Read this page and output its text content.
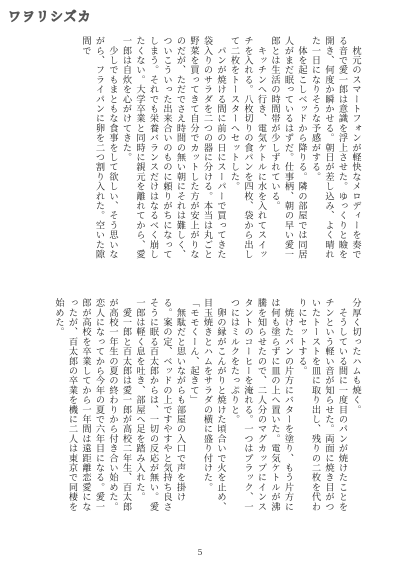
ワヲリシズカ

　枕元のスマートフォンが軽快なメロディーを奏でる音で愛一郎は意識を浮上させた。ゆっくりと瞼を開き、何度か瞬かせる。朝日が差し込み、よく晴れた一日になりそうな予感がする。

　体を起こしベッドから降りる。隣の部屋では同居人がまだ眠っているはずだ。仕事柄、朝の早い愛一郎とは生活の時間帯が少しずれている。

　キッチンへ行き、電気ケトルに水を入れてスイッチを入れる。八枚切りの食パンを四枚、袋から出して二枚をトースターへセットした。

　パンが焼ける間に前の日にスーパーで買ってきた袋入りのサラダを二つの器に分ける。本当は丸ごと野菜を買ってきて自分でカットした方が安上がりなのだが、ただでさえ時間の無い朝にそれは難しく、ついこういった出来合いのものに頼りがちになってしまう。それでも栄養バランスだけはなるべく崩したくない。大学卒業と同時に親元を離れてから、愛一郎は自炊を心がけてきた。

　少しでもまともな食事をして欲しい、そう思いながら、フライパンに卵を二つ割り入れた。空いた隙間で

分厚く切ったハムも焼く。

　そうしている間に一度目のパンが焼けたことをチンという軽い音が知らせた。両面に焼き目がついたトーストを皿に取り出し、残りの二枚を代わりにセットする。

　焼けたパンの片方にバターを塗り、もう片方には何も塗らずに皿の上へ置いた。電気ケトルが沸騰を知らせたので、二人分のマグカップにインスタントのコーヒーを淹れる。一つはブラック、一つにはミルクをたっぷりと。

　卵の縁がこんがりと焼けた頃合いで火を止め、目玉焼きとハムをサラダの横に盛り付けた。

「モモくーん、起きて」

　無駄だと思いながらも部屋の入口で声を掛ける。案の定、ベッドの上ですやすやと気持ち良さそうに眠る百太郎からは、一切の反応が無い。愛一郎は軽く息を吐き、部屋へ足を踏み入れた。

　愛一郎と百太郎は愛一郎が高校二年生、百太郎が高校一年生の夏の終わりから付き合い始めた。恋人になってから今年の夏で六年目になる。愛一郎が高校を卒業してから一年間は遠距離恋愛になったが、百太郎の卒業を機に二人は東京で同棲を始めた。

5
